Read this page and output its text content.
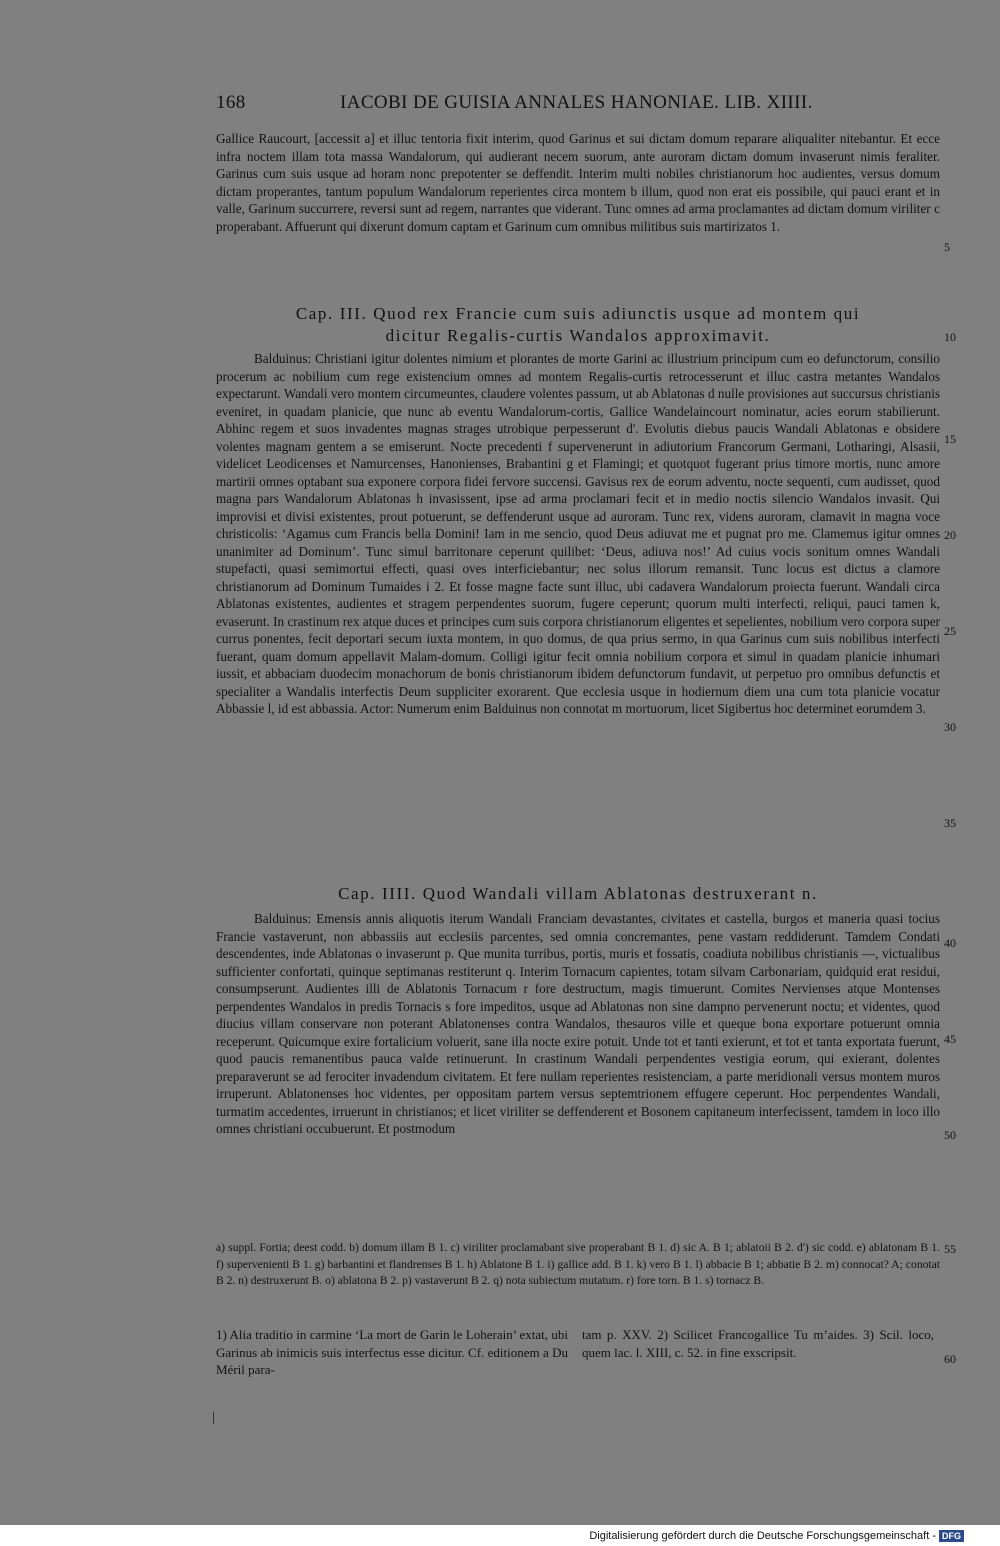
168	IACOBI DE GUISIA ANNALES HANONIAE. LIB. XIIII.
Gallice Raucourt, [accessit a] et illuc tentoria fixit interim, quod Garinus et sui dictam domum reparare aliqualiter nitebantur. Et ecce infra noctem illam tota massa Wandalorum, qui audierant necem suorum, ante auroram dictam domum invaserunt nimis feraliter. Garinus cum suis usque ad horam nonc prepotenter se deffendit. Interim multi nobiles christianorum hoc audientes, versus domum dictam properantes, tantum populum Wandalorum reperientes circa montem b illum, quod non erat eis possibile, qui pauci erant et in valle, Garinum succurrere, reversi sunt ad regem, narrantes que viderant. Tunc omnes ad arma proclamantes ad dictam domum viriliter c properabant. Affuerunt qui dixerunt domum captam et Garinum cum omnibus militibus suis martirizatos 1.
Cap. III. Quod rex Francie cum suis adiunctis usque ad montem qui
dicitur Regalis-curtis Wandalos approximavit.
Balduinus: Christiani igitur dolentes nimium et plorantes de morte Garini ac illustrium principum cum eo defunctorum, consilio procerum ac nobilium cum rege existencium omnes ad montem Regalis-curtis retrocesserunt et illuc castra metantes Wandalos expectarunt. Wandali vero montem circumeuntes, claudere volentes passum, ut ab Ablatonas d nulle provisiones aut succursus christianis eveniret, in quadam planicie, que nunc ab eventu Wandalorum-cortis, Gallice Wandelaincourt nominatur, acies eorum stabilierunt. Abhinc regem et suos invadentes magnas strages utrobique perpesserunt d'. Evolutis diebus paucis Wandali Ablatonas e obsidere volentes magnam gentem a se emiserunt. Nocte precedenti f supervenerunt in adiutorium Francorum Germani, Lotharingi, Alsasii, videlicet Leodicenses et Namurcenses, Hanonienses, Brabantini g et Flamingi; et quotquot fugerant prius timore mortis, nunc amore martirii omnes optabant sua exponere corpora fidei fervore succensi. Gavisus rex de eorum adventu, nocte sequenti, cum audisset, quod magna pars Wandalorum Ablatonas h invasissent, ipse ad arma proclamari fecit et in medio noctis silencio Wandalos invasit. Qui improvisi et divisi existentes, prout potuerunt, se deffenderunt usque ad auroram. Tunc rex, videns auroram, clamavit in magna voce christicolis: ‘Agamus cum Francis bella Domini! Iam in me sencio, quod Deus adiuvat me et pugnat pro me. Clamemus igitur omnes unanimiter ad Dominum’. Tunc simul barritonare ceperunt quilibet: ‘Deus, adiuva nos!’ Ad cuius vocis sonitum omnes Wandali stupefacti, quasi semimortui effecti, quasi oves interficiebantur; nec solus illorum remansit. Tunc locus est dictus a clamore christianorum ad Dominum Tumaides i 2. Et fosse magne facte sunt illuc, ubi cadavera Wandalorum proiecta fuerunt. Wandali circa Ablatonas existentes, audientes et stragem perpendentes suorum, fugere ceperunt; quorum multi interfecti, reliqui, pauci tamen k, evaserunt. In crastinum rex atque duces et principes cum suis corpora christianorum eligentes et sepelientes, nobilium vero corpora super currus ponentes, fecit deportari secum iuxta montem, in quo domus, de qua prius sermo, in qua Garinus cum suis nobilibus interfecti fuerant, quam domum appellavit Malam-domum. Colligi igitur fecit omnia nobilium corpora et simul in quadam planicie inhumari iussit, et abbaciam duodecim monachorum de bonis christianorum ibidem defunctorum fundavit, ut perpetuo pro omnibus defunctis et specialiter a Wandalis interfectis Deum suppliciter exorarent. Que ecclesia usque in hodiernum diem una cum tota planicie vocatur Abbassie l, id est abbassia. Actor: Numerum enim Balduinus non connotat m mortuorum, licet Sigibertus hoc determinet eorumdem 3.
Cap. IIII. Quod Wandali villam Ablatonas destruxerant n.
Balduinus: Emensis annis aliquotis iterum Wandali Franciam devastantes, civitates et castella, burgos et maneria quasi tocius Francie vastaverunt, non abbassiis aut ecclesiis parcentes, sed omnia concremantes, pene vastam reddiderunt. Tamdem Condati descendentes, inde Ablatonas o invaserunt p. Que munita turribus, portis, muris et fossatis, coadiuta nobilibus christianis —, victualibus sufficienter confortati, quinque septimanas restiterunt q. Interim Tornacum capientes, totam silvam Carbonariam, quidquid erat residui, consumpserunt. Audientes illi de Ablatonis Tornacum r fore destructum, magis timuerunt. Comites Nervienses atque Montenses perpendentes Wandalos in predis Tornacis s fore impeditos, usque ad Ablatonas non sine dampno pervenerunt noctu; et videntes, quod diucius villam conservare non poterant Ablatonenses contra Wandalos, thesauros ville et queque bona exportare potuerunt omnia receperunt. Quicumque exire fortalicium voluerit, sane illa nocte exire potuit. Unde tot et tanti exierunt, et tot et tanta exportata fuerunt, quod paucis remanentibus pauca valde retinuerunt. In crastinum Wandali perpendentes vestigia eorum, qui exierant, dolentes preparaverunt se ad ferociter invadendum civitatem. Et fere nullam reperientes resistenciam, a parte meridionali versus montem muros irruperunt. Ablatonenses hoc videntes, per oppositam partem versus septemtrionem effugere ceperunt. Hoc perpendentes Wandali, turmatim accedentes, irruerunt in christianos; et licet viriliter se deffenderent et Bosonem capitaneum interfecissent, tamdem in loco illo omnes christiani occubuerunt. Et postmodum
5
10
15
20
25
30
35
40
45
50
55
60
a) suppl. Fortia; deest codd. b) domum illam B 1. c) viriliter proclamabant sive properabant B 1. d) sic A. B 1; ablatoii B 2. d') sic codd. e) ablatonam B 1. f) supervenienti B 1. g) barbantini et flandrenses B 1. h) Ablatone B 1. i) gallice add. B 1. k) vero B 1. l) abbacie B 1; abbatie B 2. m) connocat? A; conotat B 2. n) destruxerunt B. o) ablatona B 2. p) vastaverunt B 2. q) nota subiectum mutatum. r) fore torn. B 1. s) tornacz B.
1) Alia traditio in carmine ‘La mort de Garin le Loherain’ extat, ubi Garinus ab inimicis suis interfectus esse dicitur. Cf. editionem a Du Méril para-
tam p. XXV. 2) Scilicet Francogallice Tu m’aides. 3) Scil. loco, quem lac. l. XIII, c. 52. in fine exscripsit.
Digitalisierung gefördert durch die Deutsche Forschungsgemeinschaft - DFG
